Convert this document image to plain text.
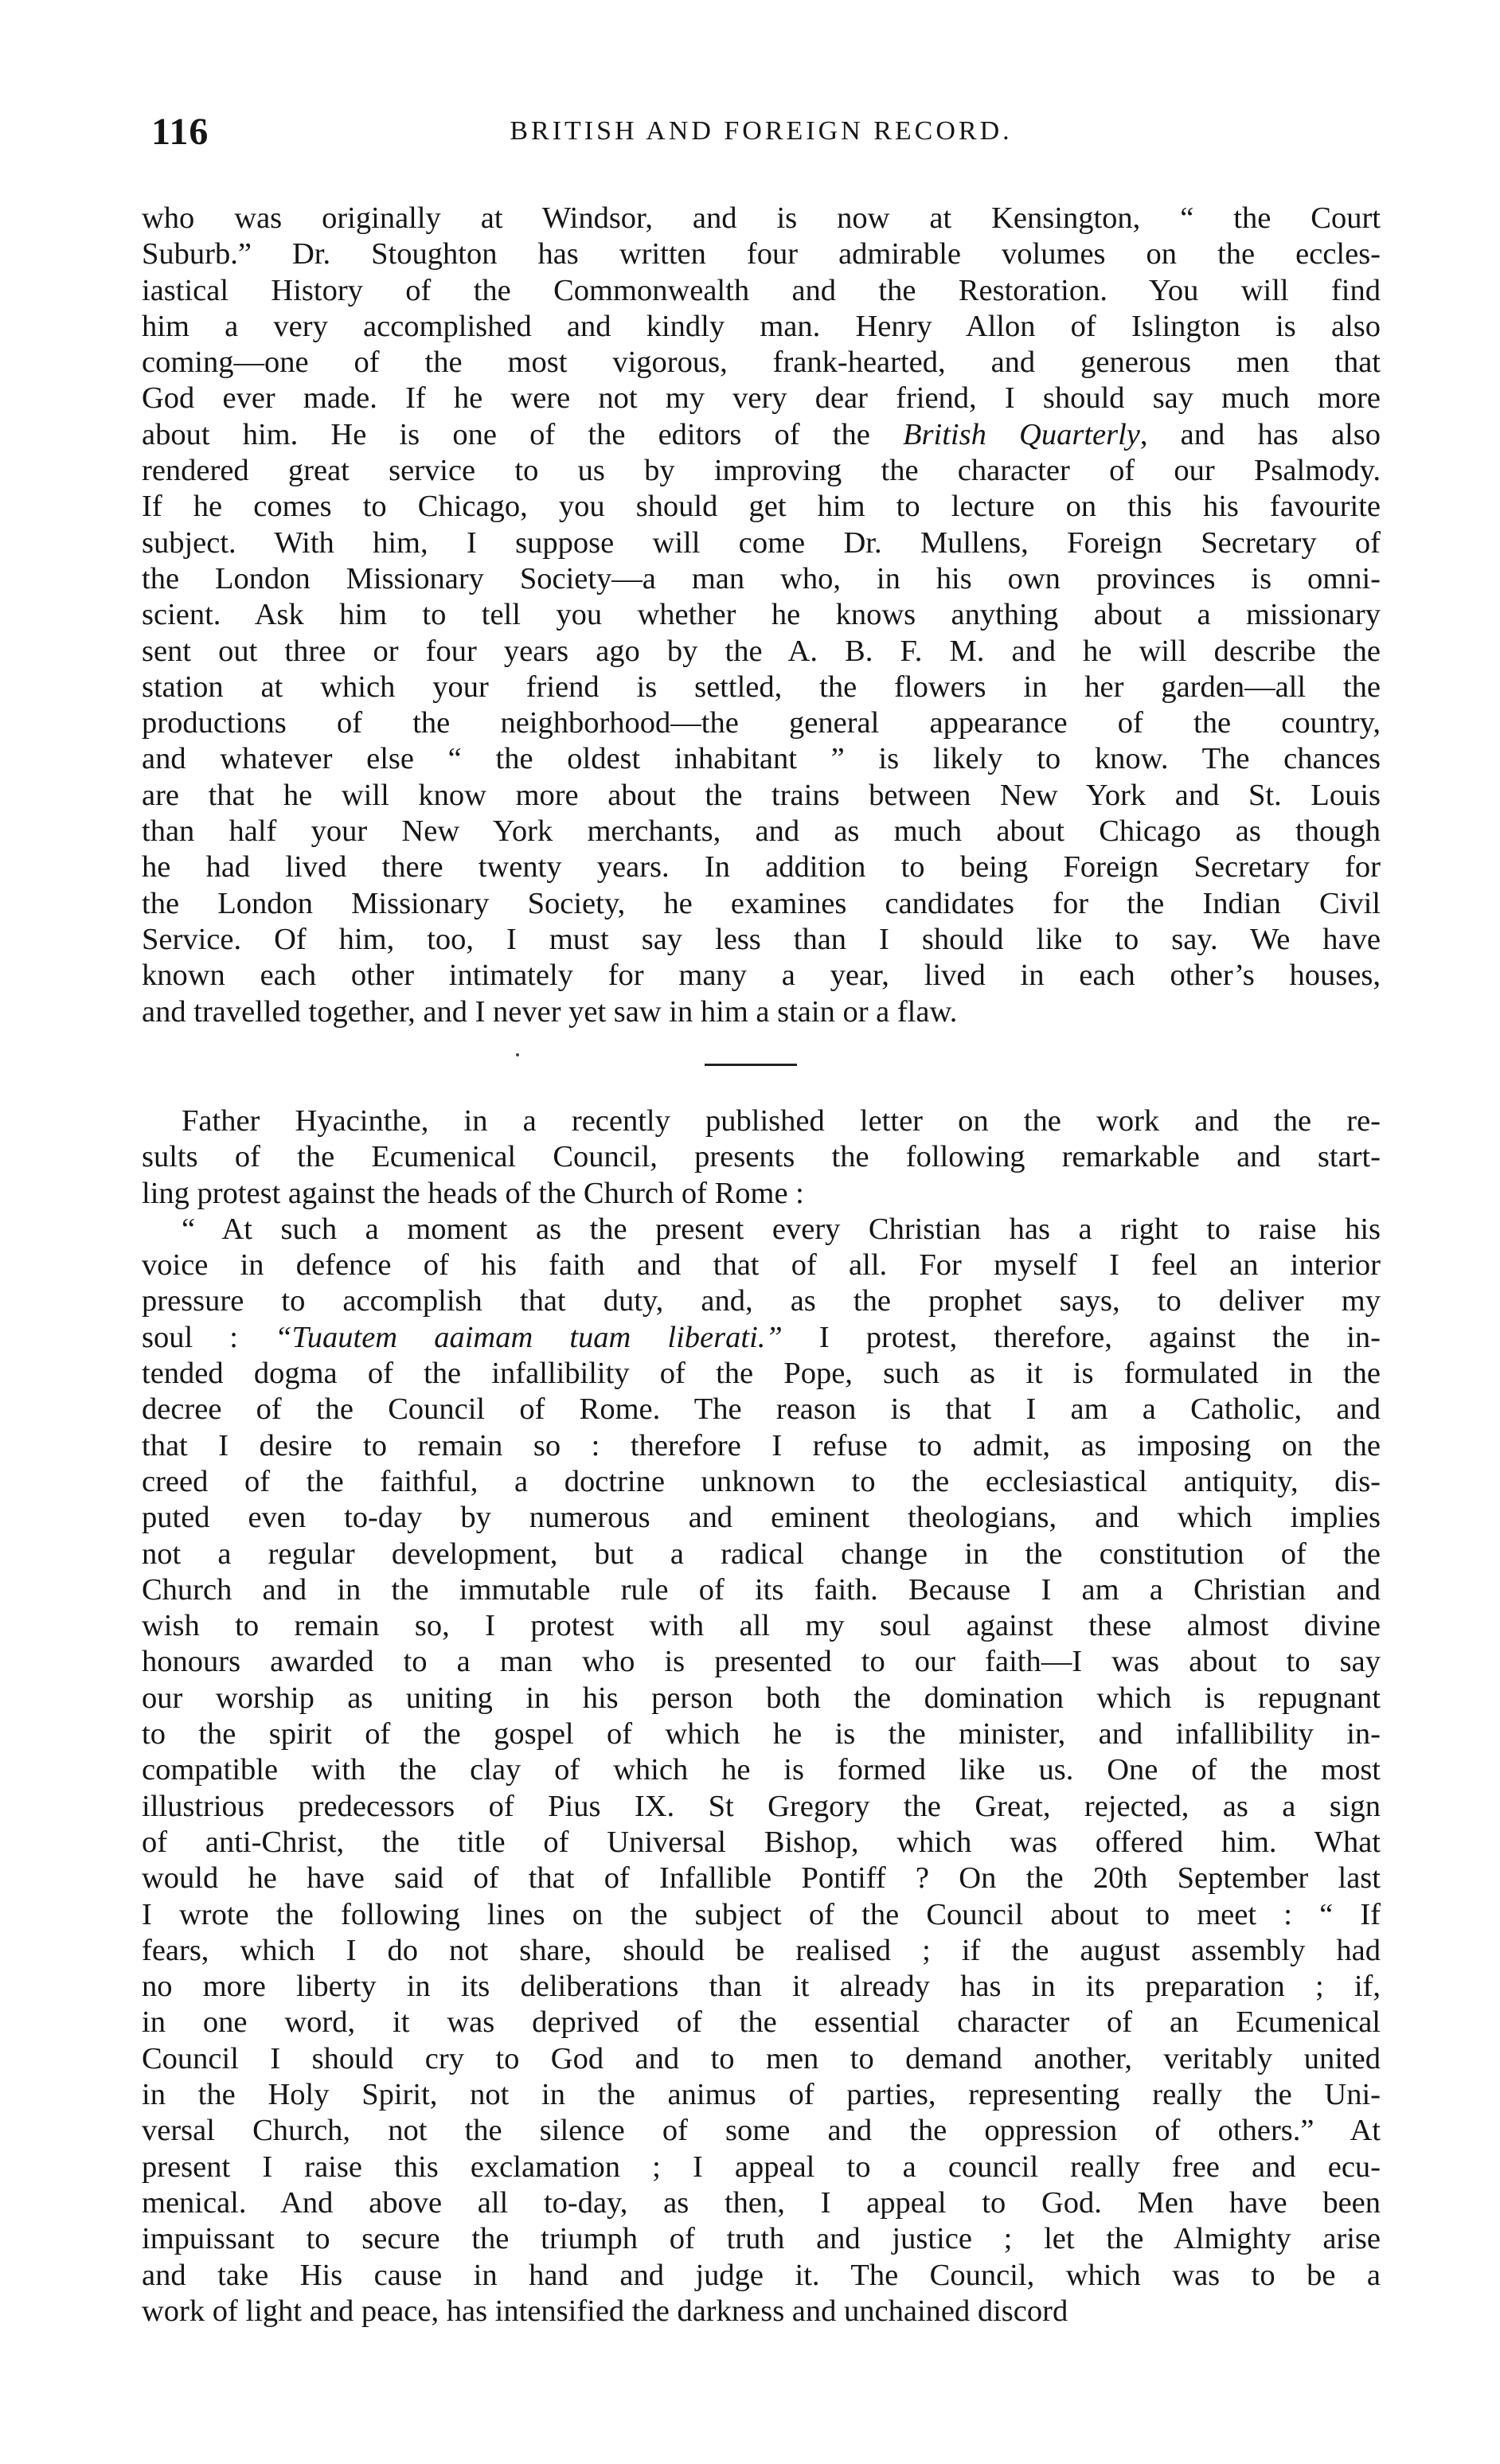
116	BRITISH AND FOREIGN RECORD.
who was originally at Windsor, and is now at Kensington, “ the Court
Suburb.” Dr. Stoughton has written four admirable volumes on the eccles-
iastical History of the Commonwealth and the Restoration. You will find
him a very accomplished and kindly man. Henry Allon of Islington is also
coming—one of the most vigorous, frank-hearted, and generous men that
God ever made. If he were not my very dear friend, I should say much more
about him. He is one of the editors of the British Quarterly, and has also
rendered great service to us by improving the character of our Psalmody.
If he comes to Chicago, you should get him to lecture on this his favourite
subject. With him, I suppose will come Dr. Mullens, Foreign Secretary of
the London Missionary Society—a man who, in his own provinces is omni-
scient. Ask him to tell you whether he knows anything about a missionary
sent out three or four years ago by the A. B. F. M. and he will describe the
station at which your friend is settled, the flowers in her garden—all the
productions of the neighborhood—the general appearance of the country,
and whatever else “ the oldest inhabitant ” is likely to know. The chances
are that he will know more about the trains between New York and St. Louis
than half your New York merchants, and as much about Chicago as though
he had lived there twenty years. In addition to being Foreign Secretary for
the London Missionary Society, he examines candidates for the Indian Civil
Service. Of him, too, I must say less than I should like to say. We have
known each other intimately for many a year, lived in each other’s houses,
and travelled together, and I never yet saw in him a stain or a flaw.
Father Hyacinthe, in a recently published letter on the work and the re-
sults of the Ecumenical Council, presents the following remarkable and start-
ling protest against the heads of the Church of Rome :
“ At such a moment as the present every Christian has a right to raise his
voice in defence of his faith and that of all. For myself I feel an interior
pressure to accomplish that duty, and, as the prophet says, to deliver my
soul : “Tuautem aaimam tuam liberati.” I protest, therefore, against the in-
tended dogma of the infallibility of the Pope, such as it is formulated in the
decree of the Council of Rome. The reason is that I am a Catholic, and
that I desire to remain so : therefore I refuse to admit, as imposing on the
creed of the faithful, a doctrine unknown to the ecclesiastical antiquity, dis-
puted even to-day by numerous and eminent theologians, and which implies
not a regular development, but a radical change in the constitution of the
Church and in the immutable rule of its faith. Because I am a Christian and
wish to remain so, I protest with all my soul against these almost divine
honours awarded to a man who is presented to our faith—I was about to say
our worship as uniting in his person both the domination which is repugnant
to the spirit of the gospel of which he is the minister, and infallibility in-
compatible with the clay of which he is formed like us. One of the most
illustrious predecessors of Pius IX. St Gregory the Great, rejected, as a sign
of anti-Christ, the title of Universal Bishop, which was offered him. What
would he have said of that of Infallible Pontiff ? On the 20th September last
I wrote the following lines on the subject of the Council about to meet : “ If
fears, which I do not share, should be realised ; if the august assembly had
no more liberty in its deliberations than it already has in its preparation ; if,
in one word, it was deprived of the essential character of an Ecumenical
Council I should cry to God and to men to demand another, veritably united
in the Holy Spirit, not in the animus of parties, representing really the Uni-
versal Church, not the silence of some and the oppression of others.” At
present I raise this exclamation ; I appeal to a council really free and ecu-
menical. And above all to-day, as then, I appeal to God. Men have been
impuissant to secure the triumph of truth and justice ; let the Almighty arise
and take His cause in hand and judge it. The Council, which was to be a
work of light and peace, has intensified the darkness and unchained discord
